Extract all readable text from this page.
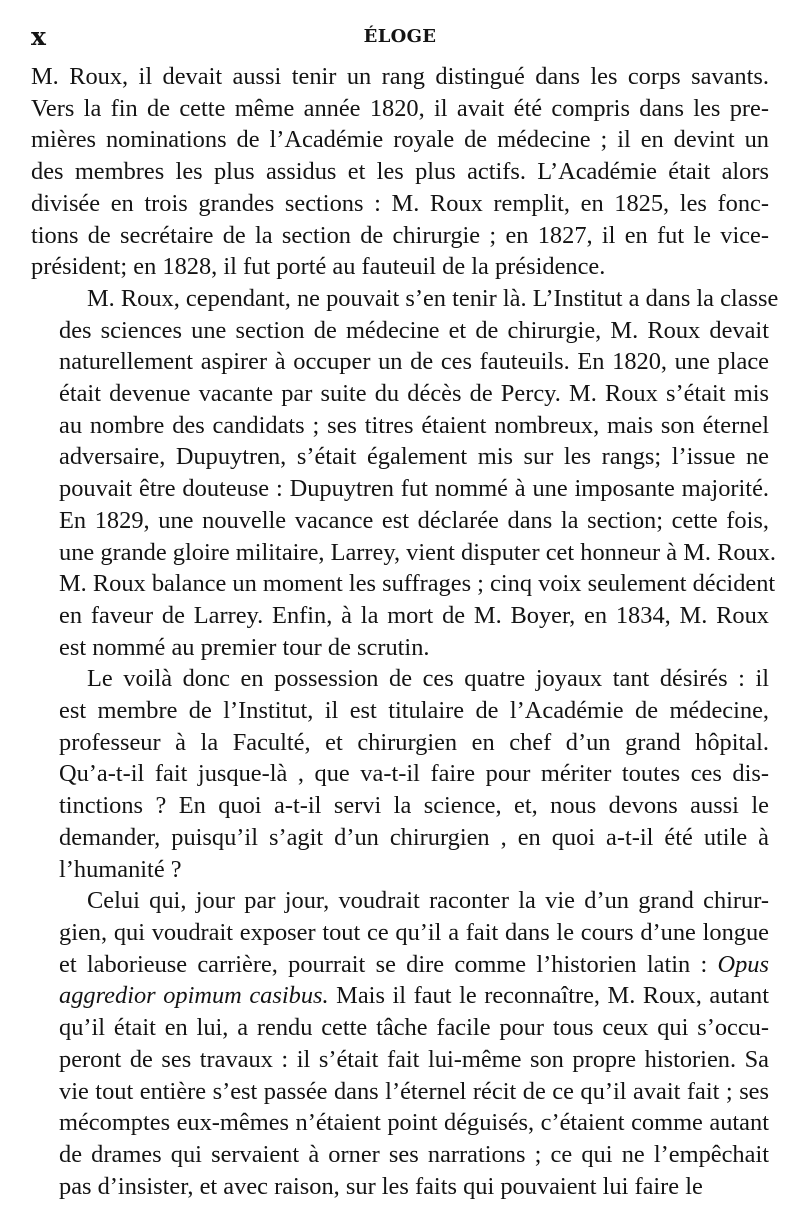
x	ÉLOGE
M. Roux, il devait aussi tenir un rang distingué dans les corps savants.
Vers la fin de cette même année 1820, il avait été compris dans les pre-
mières nominations de l’Académie royale de médecine ; il en devint un
des membres les plus assidus et les plus actifs. L’Académie était alors
divisée en trois grandes sections : M. Roux remplit, en 1825, les fonc-
tions de secrétaire de la section de chirurgie ; en 1827, il en fut le vice-
président; en 1828, il fut porté au fauteuil de la présidence.
M. Roux, cependant, ne pouvait s’en tenir là. L’Institut a dans la classe
des sciences une section de médecine et de chirurgie, M. Roux devait
naturellement aspirer à occuper un de ces fauteuils. En 1820, une place
était devenue vacante par suite du décès de Percy. M. Roux s’était mis
au nombre des candidats ; ses titres étaient nombreux, mais son éternel
adversaire, Dupuytren, s’était également mis sur les rangs; l’issue ne
pouvait être douteuse : Dupuytren fut nommé à une imposante majorité.
En 1829, une nouvelle vacance est déclarée dans la section; cette fois,
une grande gloire militaire, Larrey, vient disputer cet honneur à M. Roux.
M. Roux balance un moment les suffrages ; cinq voix seulement décident
en faveur de Larrey. Enfin, à la mort de M. Boyer, en 1834, M. Roux
est nommé au premier tour de scrutin.
Le voilà donc en possession de ces quatre joyaux tant désirés : il
est membre de l’Institut, il est titulaire de l’Académie de médecine,
professeur à la Faculté, et chirurgien en chef d’un grand hôpital.
Qu’a-t-il fait jusque-là , que va-t-il faire pour mériter toutes ces dis-
tinctions ? En quoi a-t-il servi la science, et, nous devons aussi le
demander, puisqu’il s’agit d’un chirurgien , en quoi a-t-il été utile à
l’humanité ?
Celui qui, jour par jour, voudrait raconter la vie d’un grand chirur-
gien, qui voudrait exposer tout ce qu’il a fait dans le cours d’une longue
et laborieuse carrière, pourrait se dire comme l’historien latin : Opus
aggredior opimum casibus. Mais il faut le reconnaître, M. Roux, autant
qu’il était en lui, a rendu cette tâche facile pour tous ceux qui s’occu-
peront de ses travaux : il s’était fait lui-même son propre historien. Sa
vie tout entière s’est passée dans l’éternel récit de ce qu’il avait fait ; ses
mécomptes eux-mêmes n’étaient point déguisés, c’étaient comme autant
de drames qui servaient à orner ses narrations ; ce qui ne l’empêchait
pas d’insister, et avec raison, sur les faits qui pouvaient lui faire le
